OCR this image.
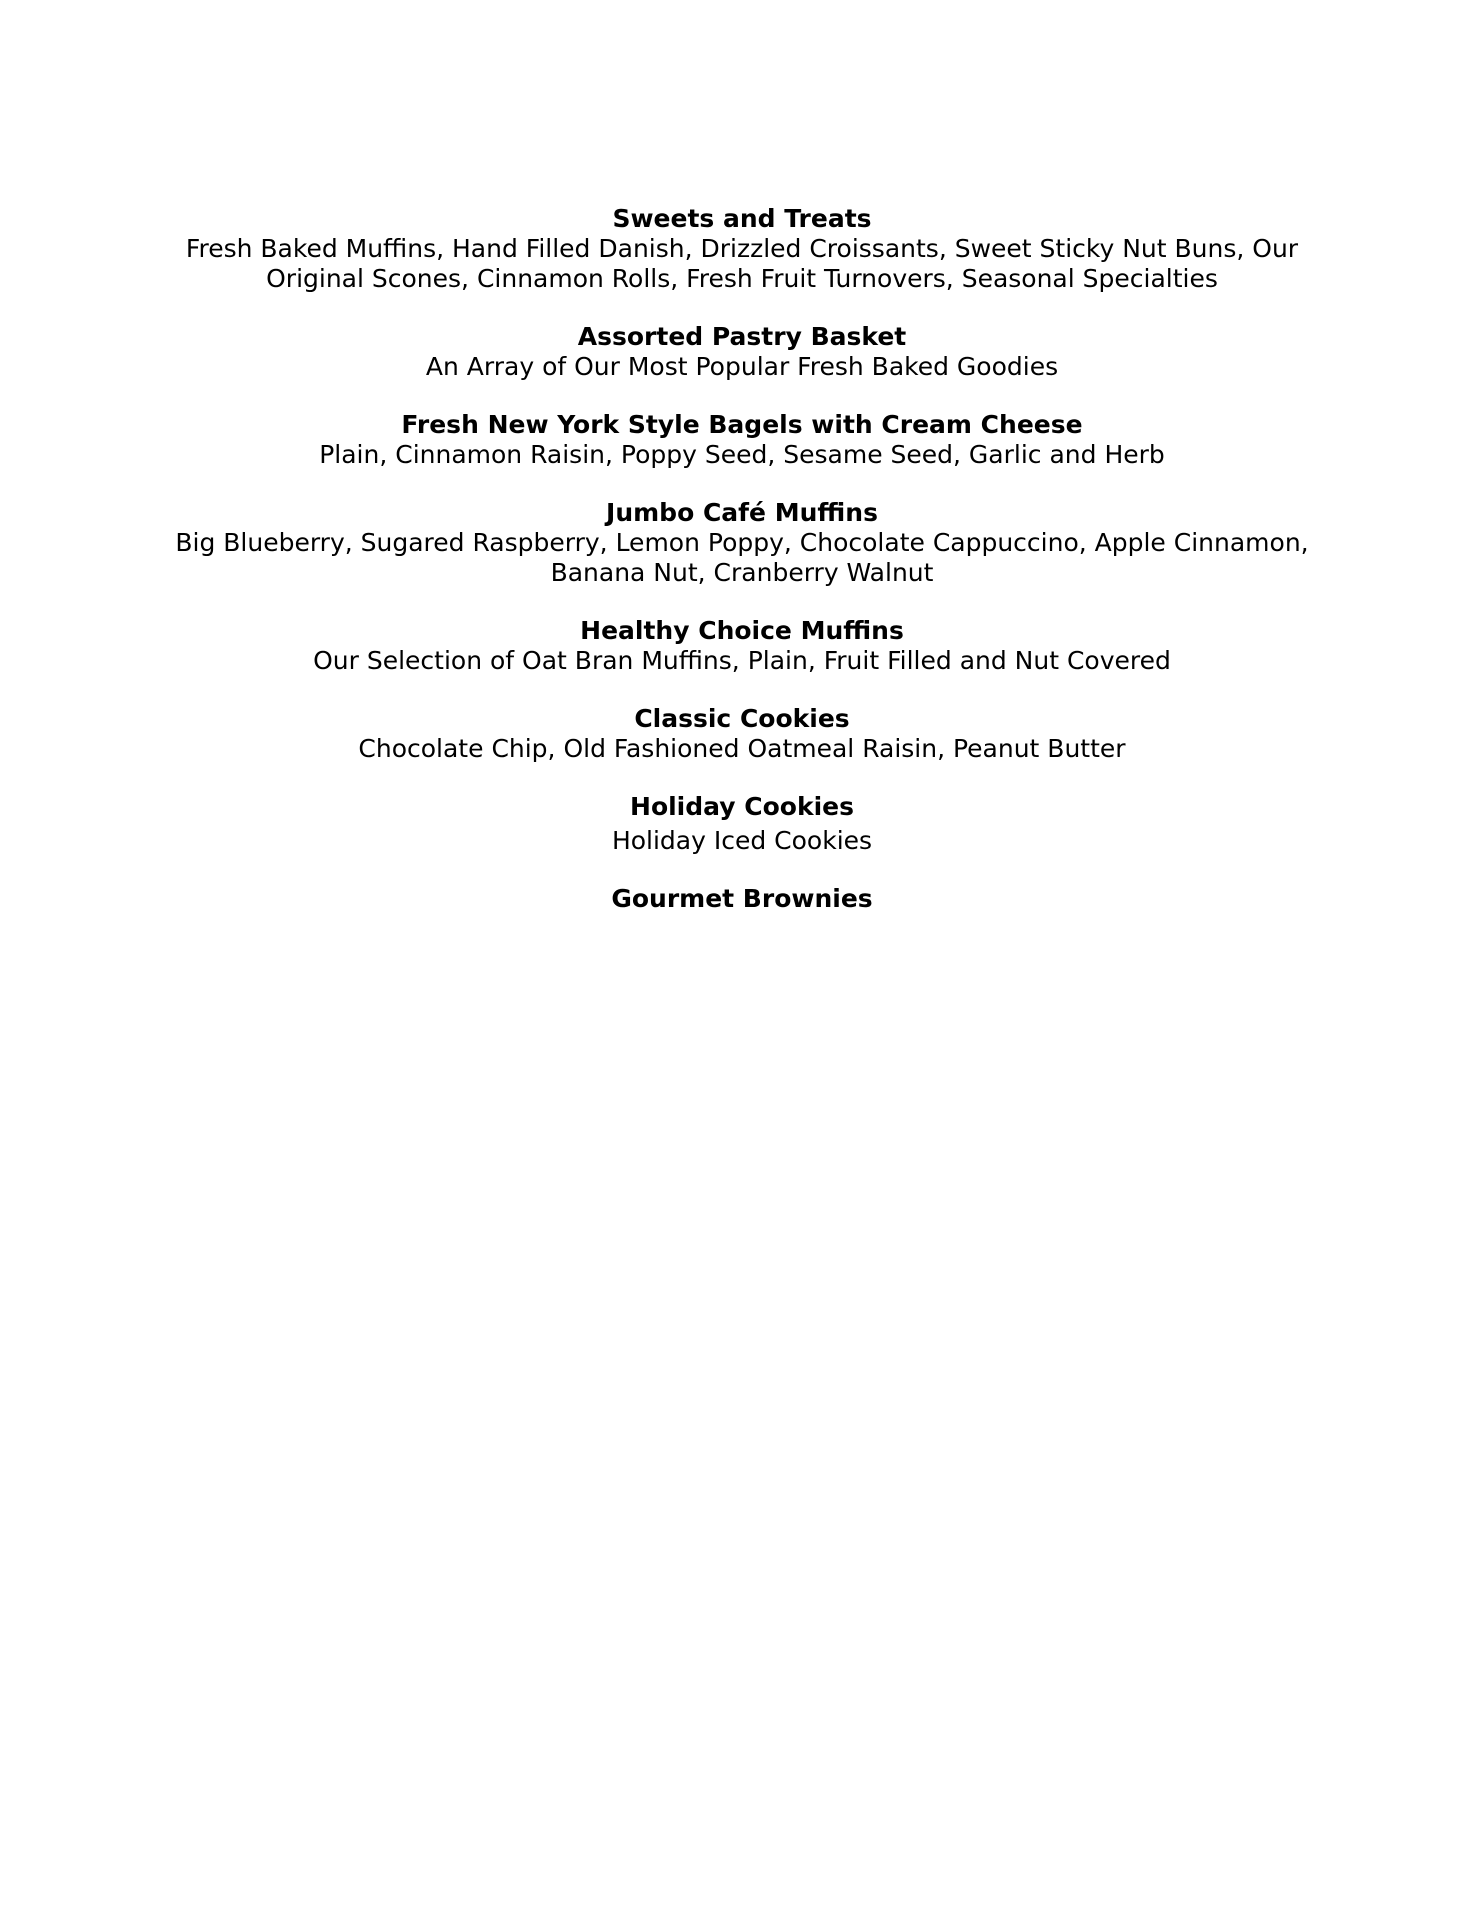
Sweets and Treats

Fresh Baked Muffins, Hand Filled Danish, Drizzled Croissants, Sweet Sticky Nut Buns, Our

Original Scones, Cinnamon Rolls, Fresh Fruit Turnovers, Seasonal Specialties

Assorted Pastry Basket

An Array of Our Most Popular Fresh Baked Goodies

Fresh New York Style Bagels with Cream Cheese

Plain, Cinnamon Raisin, Poppy Seed, Sesame Seed, Garlic and Herb

Jumbo Café Muffins

Big Blueberry, Sugared Raspberry, Lemon Poppy, Chocolate Cappuccino, Apple Cinnamon,

Banana Nut, Cranberry Walnut

Healthy Choice Muffins

Our Selection of Oat Bran Muffins, Plain, Fruit Filled and Nut Covered

Classic Cookies

Chocolate Chip, Old Fashioned Oatmeal Raisin, Peanut Butter

Holiday Cookies

Holiday Iced Cookies

Gourmet Brownies
